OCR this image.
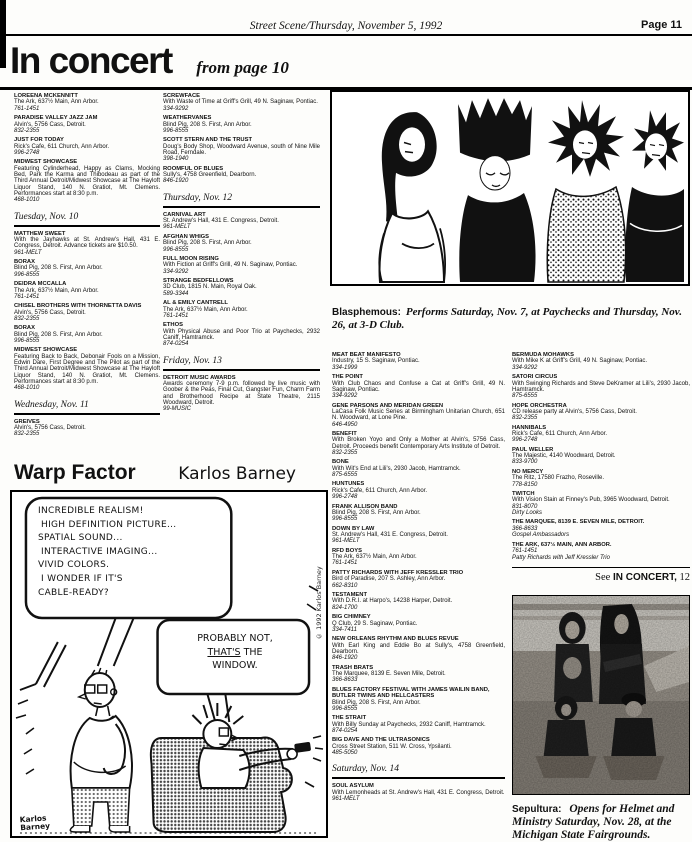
Street Scene/Thursday, November 5, 1992	Page 11
In concert from page 10
LOREENA MCKENNITT
The Ark, 637½ Main, Ann Arbor.
761-1451
PARADISE VALLEY JAZZ JAM
Alvin's, 5756 Cass, Detroit.
832-2355
JUST FOR TODAY
Rick's Cafe, 611 Church, Ann Arbor.
996-2748
MIDWEST SHOWCASE
Featuring Cylinderhead, Happy as Clams, Mocking Bed, Park the Karma and Thibodeau as part of the Third Annual Detroit/Midwest Showcase at The Hayloft Liquor Stand, 140 N. Gratiot, Mt. Clemens. Performances start at 8:30 p.m.
468-1010
Tuesday, Nov. 10
MATTHEW SWEET
With the Jayhawks at St. Andrew's Hall, 431 E. Congress, Detroit. Advance tickets are $10.50.
961-MELT
BORAX
Blind Pig, 208 S. First, Ann Arbor.
996-8555
DEIDRA MCCALLA
The Ark, 637½ Main, Ann Arbor.
761-1451
CHISEL BROTHERS WITH THORNETTA DAVIS
Alvin's, 5756 Cass, Detroit.
832-2355
BORAX
Blind Pig, 208 S. First, Ann Arbor.
996-8555
MIDWEST SHOWCASE
Featuring Back to Back, Debonair Fools on a Mission, Edwin Dare, First Degree and The Pilot as part of the Third Annual Detroit/Midwest Showcase at The Hayloft Liquor Stand, 140 N. Gratiot, Mt. Clemens. Performances start at 8:30 p.m.
468-1010
Wednesday, Nov. 11
GREIVES
Alvin's, 5756 Cass, Detroit.
832-2355
SCREWFACE
With Waste of Time at Griff's Grill, 49 N. Saginaw, Pontiac.
334-9292
WEATHERVANES
Blind Pig, 208 S. First, Ann Arbor.
996-8555
SCOTT STERN AND THE TRUST
Doug's Body Shop, Woodward Avenue, south of Nine Mile Road, Ferndale.
398-1940
ROOMFUL OF BLUES
Sully's, 4758 Greenfield, Dearborn.
846-1920
Thursday, Nov. 12
CARNIVAL ART
St. Andrew's Hall, 431 E. Congress, Detroit.
961-MELT
AFGHAN WHIGS
Blind Pig, 208 S. First, Ann Arbor.
996-8555
FULL MOON RISING
With Fiction at Griff's Grill, 49 N. Saginaw, Pontiac.
334-9292
STRANGE BEDFELLOWS
3D Club, 1815 N. Main, Royal Oak.
589-3344
AL & EMILY CANTRELL
The Ark, 637½ Main, Ann Arbor.
761-1451
ETHOS
With Physical Abuse and Poor Trio at Paychecks, 2932 Caniff, Hamtramck.
874-0254
Friday, Nov. 13
DETROIT MUSIC AWARDS
Awards ceremony 7-9 p.m. followed by live music with Goober & the Peas, Final Cut, Gangster Fun, Charm Farm and Brotherhood Recipe at State Theatre, 2115 Woodward, Detroit.
99-MUSIC
MEAT BEAT MANIFESTO
Industry, 15 S. Saginaw, Pontiac.
334-1999
THE POINT
With Club Chaos and Confuse a Cat at Griff's Grill, 49 N. Saginaw, Pontiac.
334-9292
GENE PARSONS AND MERIDAN GREEN
LaCasa Folk Music Series at Birmingham Unitarian Church, 651 N. Woodward, at Lone Pine.
646-4950
BENEFIT
With Broken Yoyo and Only a Mother at Alvin's, 5756 Cass, Detroit. Proceeds benefit Contemporary Arts Institute of Detroit.
832-2355
BONE
With Wit's End at Lili's, 2930 Jacob, Hamtramck.
875-6555
HUNTUNES
Rick's Cafe, 611 Church, Ann Arbor.
996-2748
FRANK ALLISON BAND
Blind Pig, 208 S. First, Ann Arbor.
996-8555
DOWN BY LAW
St. Andrew's Hall, 431 E. Congress, Detroit.
961-MELT
RFD BOYS
The Ark, 637½ Main, Ann Arbor.
761-1451
PATTY RICHARDS WITH JEFF KRESSLER TRIO
Bird of Paradise, 207 S. Ashley, Ann Arbor.
662-8310
TESTAMENT
With D.R.I. at Harpo's, 14238 Harper, Detroit.
824-1700
BIG CHIMNEY
Q Club, 29 S. Saginaw, Pontiac.
334-7411
NEW ORLEANS RHYTHM AND BLUES REVUE
With Earl King and Eddie Bo at Sully's, 4758 Greenfield, Dearborn.
846-1920
TRASH BRATS
The Marquee, 8139 E. Seven Mile, Detroit.
366-8633
BLUES FACTORY FESTIVAL WITH JAMES WAILIN BAND, BUTLER TWINS AND HELLCASTERS
Blind Pig, 208 S. First, Ann Arbor.
996-8555
THE STRAIT
With Billy Sunday at Paychecks, 2932 Caniff, Hamtramck.
874-0254
BIG DAVE AND THE ULTRASONICS
Cross Street Station, 511 W. Cross, Ypsilanti.
485-5050
Saturday, Nov. 14
SOUL ASYLUM
With Lemonheads at St. Andrew's Hall, 431 E. Congress, Detroit.
961-MELT
Blasphemous: Performs Saturday, Nov. 7, at Paychecks and Thursday, Nov. 26, at 3-D Club.
BERMUDA MOHAWKS
With Mike K at Griff's Grill, 49 N. Saginaw, Pontiac.
334-9292
SATORI CIRCUS
With Swinging Richards and Steve DeKramer at Lili's, 2930 Jacob, Hamtramck.
875-6555
HOPE ORCHESTRA
CD release party at Alvin's, 5756 Cass, Detroit.
832-2355
HANNIBALS
Rick's Cafe, 611 Church, Ann Arbor.
996-2748
PAUL WELLER
The Majestic, 4140 Woodward, Detroit.
833-9700
NO MERCY
The Ritz, 17580 Frazho, Roseville.
778-8150
TWITCH
With Vision Stain at Finney's Pub, 3965 Woodward, Detroit.
831-8070
Dirty Looks
THE MARQUEE, 8139 E. SEVEN MILE, DETROIT.
366-8633
Gospel Ambassadors
THE ARK, 637½ MAIN, ANN ARBOR.
761-1451
Patty Richards with Jeff Kressler Trio
See IN CONCERT, 12
Sepultura: Opens for Helmet and Ministry Saturday, Nov. 28, at the Michigan State Fairgrounds.
Warp Factor	Karlos Barney
INCREDIBLE REALISM!
HIGH DEFINITION PICTURE...
SPATIAL SOUND...
INTERACTIVE IMAGING...
VIVID COLORS.
I WONDER IF IT'S
CABLE-READY?
PROBABLY NOT,
THAT'S THE
WINDOW.
© 1992 Karlos Barney
Karlos Barney
